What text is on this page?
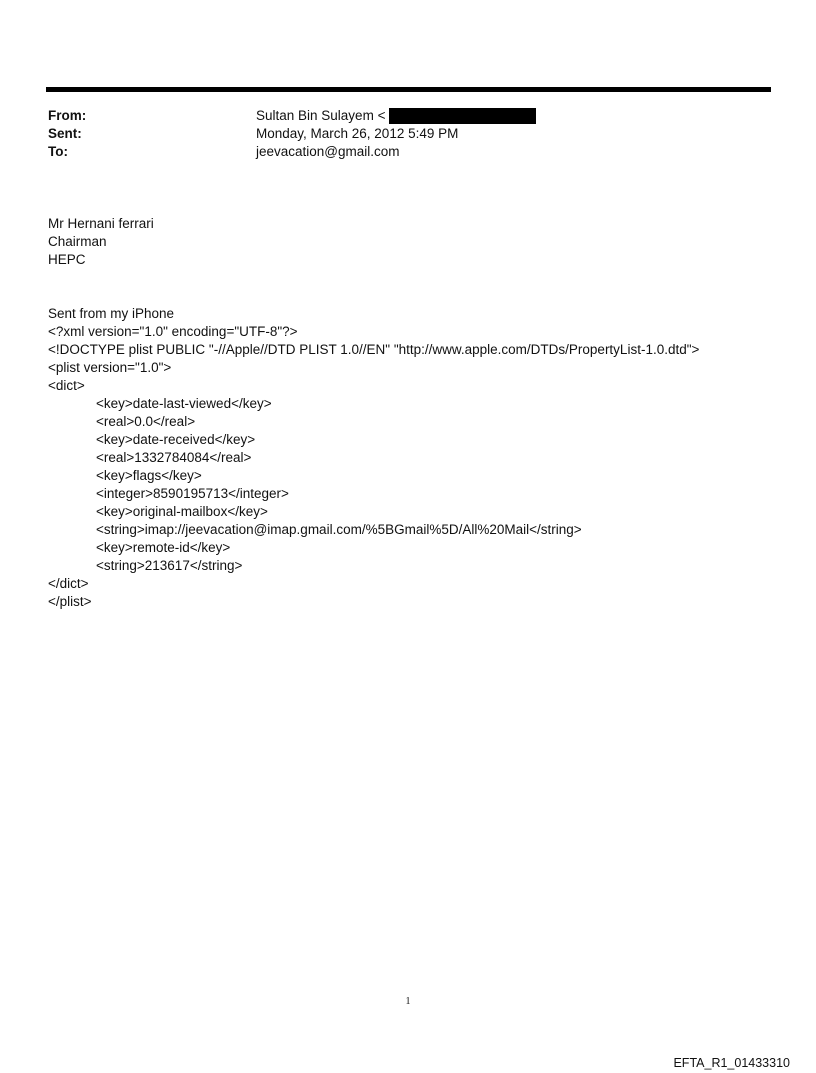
From:	Sultan Bin Sulayem <
Sent:	Monday, March 26, 2012 5:49 PM
To:	jeevacation@gmail.com
Mr Hernani ferrari
Chairman
HEPC
Sent from my iPhone
<?xml version="1.0" encoding="UTF-8"?>
<!DOCTYPE plist PUBLIC "-//Apple//DTD PLIST 1.0//EN" "http://www.apple.com/DTDs/PropertyList-1.0.dtd">
<plist version="1.0">
<dict>
<key>date-last-viewed</key>
<real>0.0</real>
<key>date-received</key>
<real>1332784084</real>
<key>flags</key>
<integer>8590195713</integer>
<key>original-mailbox</key>
<string>imap://jeevacation@imap.gmail.com/%5BGmail%5D/All%20Mail</string>
<key>remote-id</key>
<string>213617</string>
</dict>
</plist>
1
EFTA_R1_01433310
